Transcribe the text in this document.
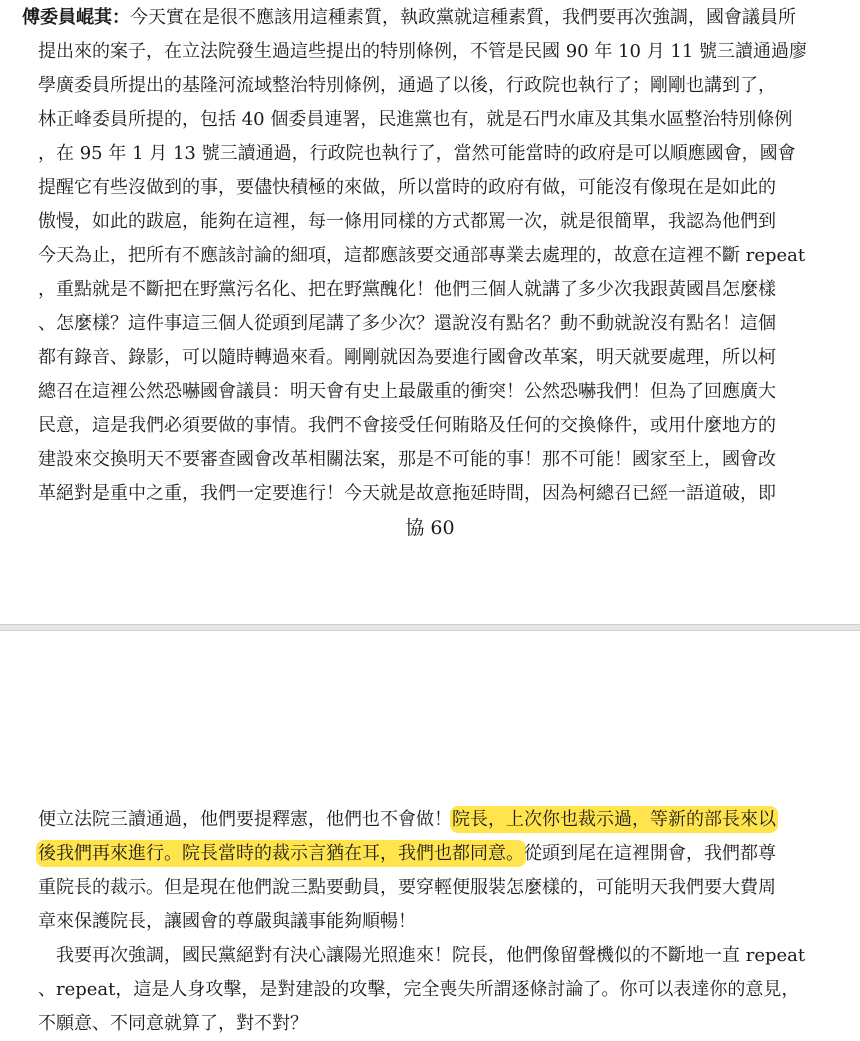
傅委員崐萁：今天實在是很不應該用這種素質，執政黨就這種素質，我們要再次強調，國會議員所
提出來的案子，在立法院發生過這些提出的特別條例，不管是民國 90 年 10 月 11 號三讀通過廖
學廣委員所提出的基隆河流域整治特別條例，通過了以後，行政院也執行了；剛剛也講到了，
林正峰委員所提的，包括 40 個委員連署，民進黨也有，就是石門水庫及其集水區整治特別條例
，在 95 年 1 月 13 號三讀通過，行政院也執行了，當然可能當時的政府是可以順應國會，國會
提醒它有些沒做到的事，要儘快積極的來做，所以當時的政府有做，可能沒有像現在是如此的
傲慢，如此的跋扈，能夠在這裡，每一條用同樣的方式都罵一次，就是很簡單，我認為他們到
今天為止，把所有不應該討論的細項，這都應該要交通部專業去處理的，故意在這裡不斷 repeat
，重點就是不斷把在野黨污名化、把在野黨醜化！他們三個人就講了多少次我跟黃國昌怎麼樣
、怎麼樣？這件事這三個人從頭到尾講了多少次？還說沒有點名？動不動就說沒有點名！這個
都有錄音、錄影，可以隨時轉過來看。剛剛就因為要進行國會改革案，明天就要處理，所以柯
總召在這裡公然恐嚇國會議員：明天會有史上最嚴重的衝突！公然恐嚇我們！但為了回應廣大
民意，這是我們必須要做的事情。我們不會接受任何賄賂及任何的交換條件，或用什麼地方的
建設來交換明天不要審查國會改革相關法案，那是不可能的事！那不可能！國家至上，國會改
革絕對是重中之重，我們一定要進行！今天就是故意拖延時間，因為柯總召已經一語道破，即
協 60
便立法院三讀通過，他們要提釋憲，他們也不會做！院長，上次你也裁示過，等新的部長來以
後我們再來進行。院長當時的裁示言猶在耳，我們也都同意。從頭到尾在這裡開會，我們都尊
重院長的裁示。但是現在他們說三點要動員，要穿輕便服裝怎麼樣的，可能明天我們要大費周
章來保護院長，讓國會的尊嚴與議事能夠順暢！
　我要再次強調，國民黨絕對有決心讓陽光照進來！院長，他們像留聲機似的不斷地一直 repeat
、repeat，這是人身攻擊，是對建設的攻擊，完全喪失所謂逐條討論了。你可以表達你的意見，
不願意、不同意就算了，對不對？
